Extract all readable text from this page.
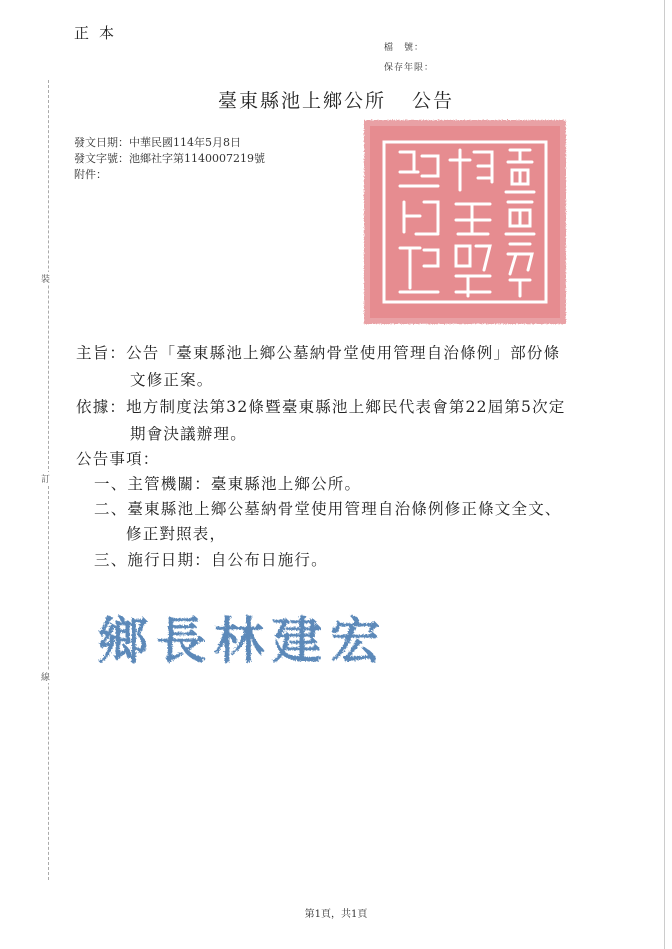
裝
訂
線
正本
檔　號：
保存年限：
臺東縣池上鄉公所 公告
發文日期：中華民國114年5月8日
發文字號：池鄉社字第1140007219號
附件：
主旨：公告「臺東縣池上鄉公墓納骨堂使用管理自治條例」部份條
文修正案。
依據：地方制度法第32條暨臺東縣池上鄉民代表會第22屆第5次定
期會決議辦理。
公告事項：
一、主管機關：臺東縣池上鄉公所。
二、臺東縣池上鄉公墓納骨堂使用管理自治條例修正條文全文、
修正對照表，
三、施行日期：自公布日施行。
鄉長林建宏
第1頁，共1頁
